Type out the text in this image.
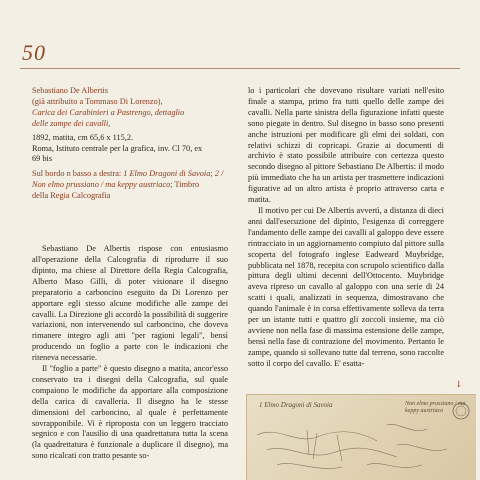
50
Sebastiano De Albertis
(già attribuito a Tommaso Di Lorenzo),
Carica dei Carabinieri a Pastrengo, dettaglio
delle zampe dei cavalli,
1892, matita, cm 65,6 x 115,2.
Roma, Istituto centrale per la grafica, inv. Cl 70, ex
69 bis
Sul bordo n basso a destra: 1 Elmo Dragoni di Savoia; 2 / Non elmo prussiano / ma keppy austriaco; Timbro
della Regia Calcografia

Sebastiano De Albertis rispose con entusiasmo all'operazione della Calcografia di riprodurre il suo dipinto, ma chiese al Direttore della Regia Calcografia, Alberto Maso Gilli, di poter visionare il disegno preparatorio a carboncino eseguito da Di Lorenzo per apportare egli stesso alcune modifiche alle zampe dei cavalli. La Direzione gli accordò la possibilità di suggerire variazioni, non intervenendo sul carboncino, che doveva rimanere integro agli atti "per ragioni legali", bensì producendo un foglio a parte con le indicazioni che riteneva necessarie.

Il "foglio a parte" è questo disegno a matita, ancor'esso conservato tra i disegni della Calcografia, sul quale compaiono le modifiche da apportare alla composizione della carica di cavalleria. Il disegno ha le stesse dimensioni del carboncino, al quale è perfettamente sovrapponibile. Vi è riproposta con un leggero tracciato segnico e con l'ausilio di una quadrettatura tutta la scena (la quadrettatura è funzionale a duplicare il disegno), ma sono ricalcati con tratto pesante so-

lo i particolari che dovevano risultare variati nell'esito finale a stampa, primo fra tutti quello delle zampe dei cavalli. Nella parte sinistra della figurazione infatti queste sono piegate in dentro. Sul disegno in basso sono presenti anche istruzioni per modificare gli elmi dei soldati, con relativi schizzi di copricapi. Grazie ai documenti di archivio è stato possibile attribuire con certezza questo secondo disegno al pittore Sebastiano De Albertis: il modo più immediato che ha un artista per trasmettere indicazioni figurative ad un altro artista è proprio attraverso carta e matita.

Il motivo per cui De Albertis avvertì, a distanza di dieci anni dall'esecuzione del dipinto, l'esigenza di correggere l'andamento delle zampe dei cavalli al galoppo deve essere rintracciato in un aggiornamento compiuto dal pittore sulla scoperta del fotografo inglese Eadweard Muybridge, pubblicata nel 1878, recepita con scrupolo scientifico dalla pittura degli ultimi decenni dell'Ottocento. Muybridge aveva ripreso un cavallo al galoppo con una serie di 24 scatti i quali, analizzati in sequenza, dimostravano che quando l'animale è in corsa effettivamente solleva da terra per un istante tutti e quattro gli zoccoli insieme, ma ciò avviene non nella fase di massima estensione delle zampe, bensì nella fase di contrazione del movimento. Pertanto le zampe, quando si sollevano tutte dal terreno, sono raccolte sotto il corpo del cavallo. E' esatta-

↓
1 Elmo Dragoni di Savoia	Non elmo prussiano / ma keppy austriaco
